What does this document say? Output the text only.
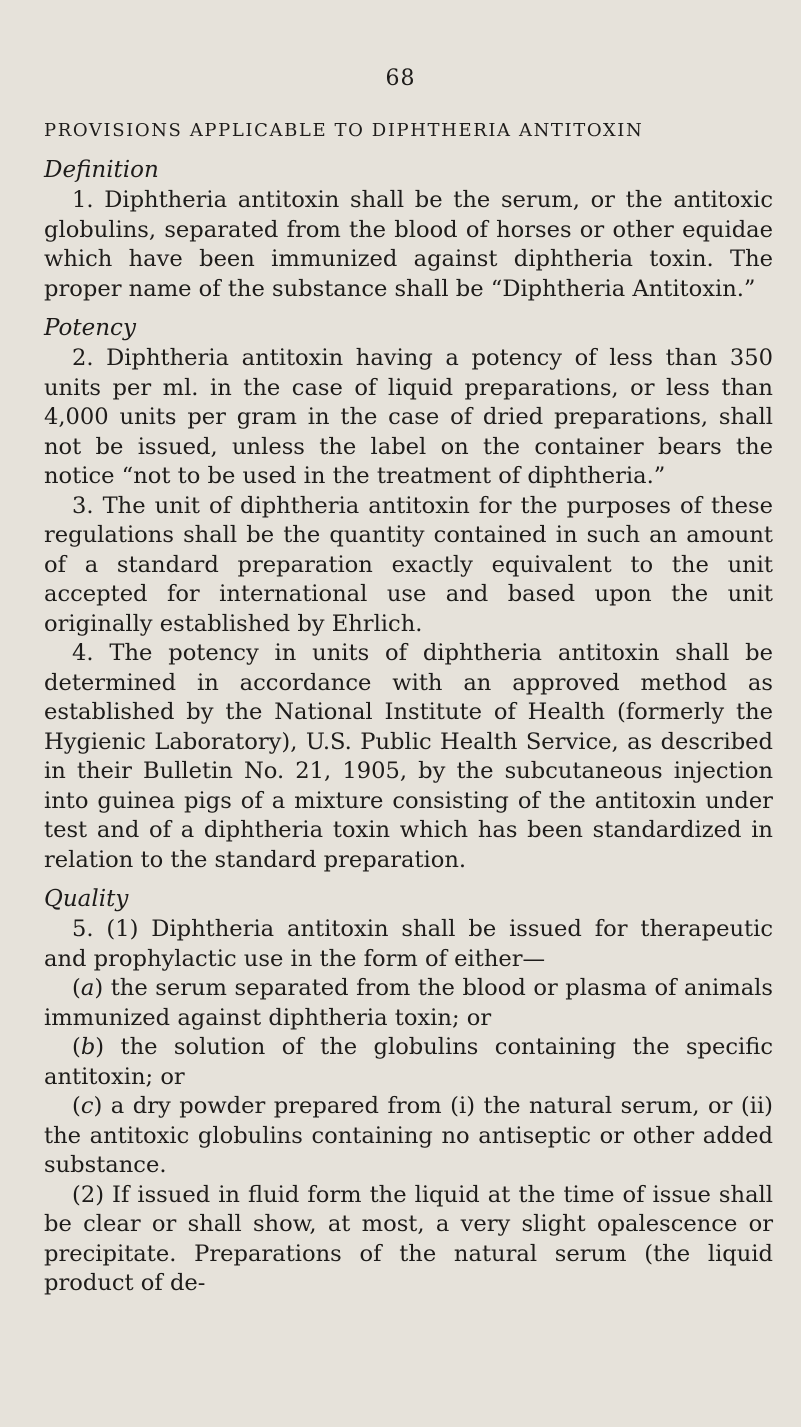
68
PROVISIONS APPLICABLE TO DIPHTHERIA ANTITOXIN
Definition

1. Diphtheria antitoxin shall be the serum, or the antitoxic globulins, separated from the blood of horses or other equidae which have been immunized against diphtheria toxin. The proper name of the substance shall be “Diphtheria Antitoxin.”

Potency

2. Diphtheria antitoxin having a potency of less than 350 units per ml. in the case of liquid preparations, or less than 4,000 units per gram in the case of dried preparations, shall not be issued, unless the label on the container bears the notice “not to be used in the treatment of diphtheria.”

3. The unit of diphtheria antitoxin for the purposes of these regulations shall be the quantity contained in such an amount of a standard preparation exactly equivalent to the unit accepted for international use and based upon the unit originally established by Ehrlich.

4. The potency in units of diphtheria antitoxin shall be determined in accordance with an approved method as established by the National Institute of Health (formerly the Hygienic Laboratory), U.S. Public Health Service, as described in their Bulletin No. 21, 1905, by the subcutaneous injection into guinea pigs of a mixture consisting of the antitoxin under test and of a diphtheria toxin which has been standardized in relation to the standard preparation.

Quality

5. (1) Diphtheria antitoxin shall be issued for therapeutic and prophylactic use in the form of either—

(a) the serum separated from the blood or plasma of animals immunized against diphtheria toxin; or

(b) the solution of the globulins containing the specific antitoxin; or

(c) a dry powder prepared from (i) the natural serum, or (ii) the antitoxic globulins containing no antiseptic or other added substance.

(2) If issued in fluid form the liquid at the time of issue shall be clear or shall show, at most, a very slight opalescence or precipitate. Preparations of the natural serum (the liquid product of de-
